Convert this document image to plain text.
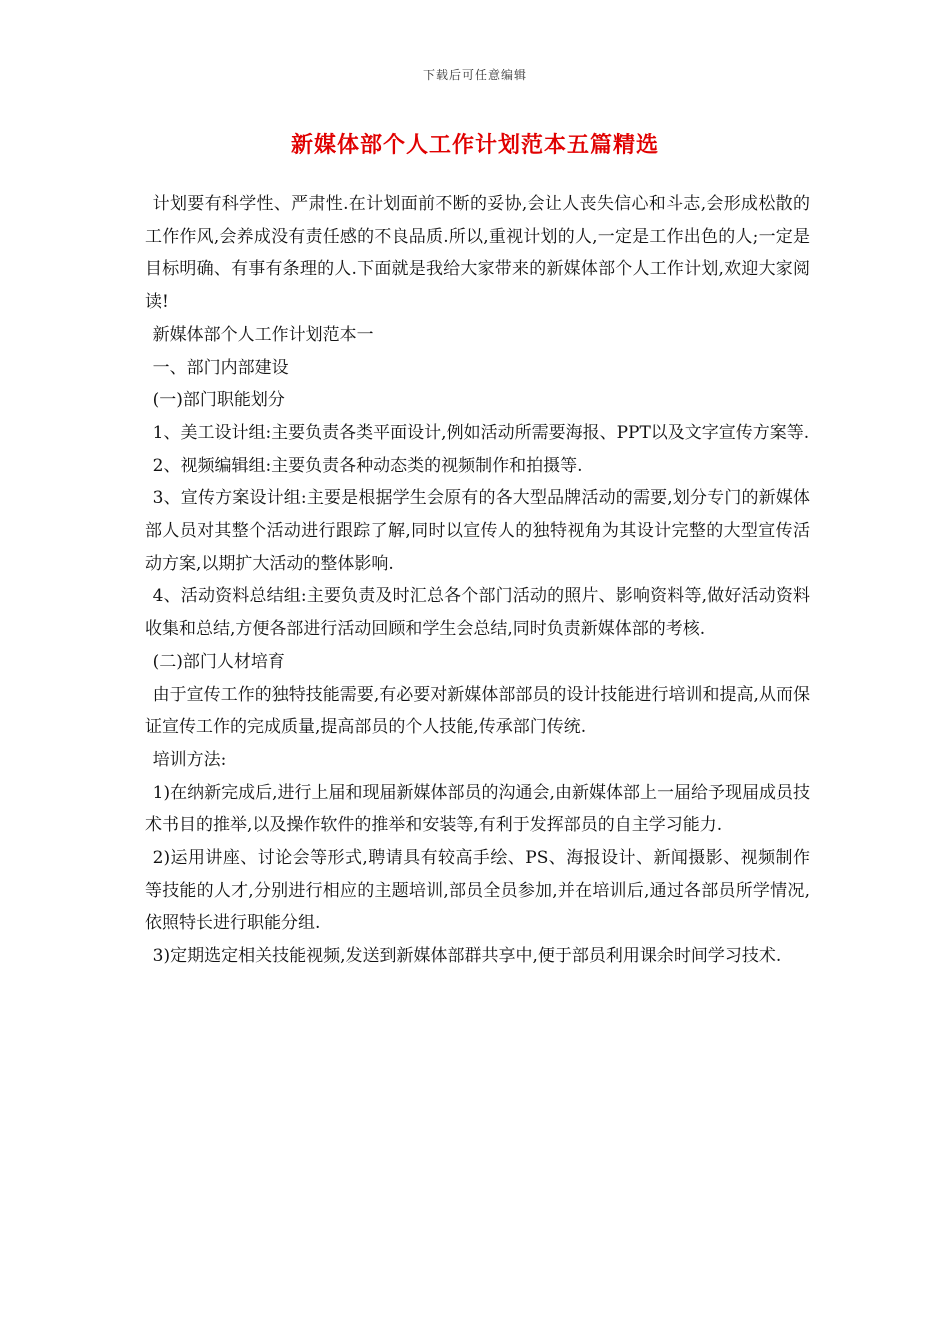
下载后可任意编辑
新媒体部个人工作计划范本五篇精选

计划要有科学性、严肃性.在计划面前不断的妥协,会让人丧失信心和斗志,会形成松散的工作作风,会养成没有责任感的不良品质.所以,重视计划的人,一定是工作出色的人;一定是目标明确、有事有条理的人.下面就是我给大家带来的新媒体部个人工作计划,欢迎大家阅读!

新媒体部个人工作计划范本一

一、部门内部建设

(一)部门职能划分

1、美工设计组:主要负责各类平面设计,例如活动所需要海报、PPT以及文字宣传方案等.

2、视频编辑组:主要负责各种动态类的视频制作和拍摄等.

3、宣传方案设计组:主要是根据学生会原有的各大型品牌活动的需要,划分专门的新媒体部人员对其整个活动进行跟踪了解,同时以宣传人的独特视角为其设计完整的大型宣传活动方案,以期扩大活动的整体影响.

4、活动资料总结组:主要负责及时汇总各个部门活动的照片、影响资料等,做好活动资料收集和总结,方便各部进行活动回顾和学生会总结,同时负责新媒体部的考核.

(二)部门人材培育

由于宣传工作的独特技能需要,有必要对新媒体部部员的设计技能进行培训和提高,从而保证宣传工作的完成质量,提高部员的个人技能,传承部门传统.

培训方法:

1)在纳新完成后,进行上届和现届新媒体部员的沟通会,由新媒体部上一届给予现届成员技术书目的推举,以及操作软件的推举和安装等,有利于发挥部员的自主学习能力.

2)运用讲座、讨论会等形式,聘请具有较高手绘、PS、海报设计、新闻摄影、视频制作等技能的人才,分别进行相应的主题培训,部员全员参加,并在培训后,通过各部员所学情况,依照特长进行职能分组.

3)定期选定相关技能视频,发送到新媒体部群共享中,便于部员利用课余时间学习技术.
